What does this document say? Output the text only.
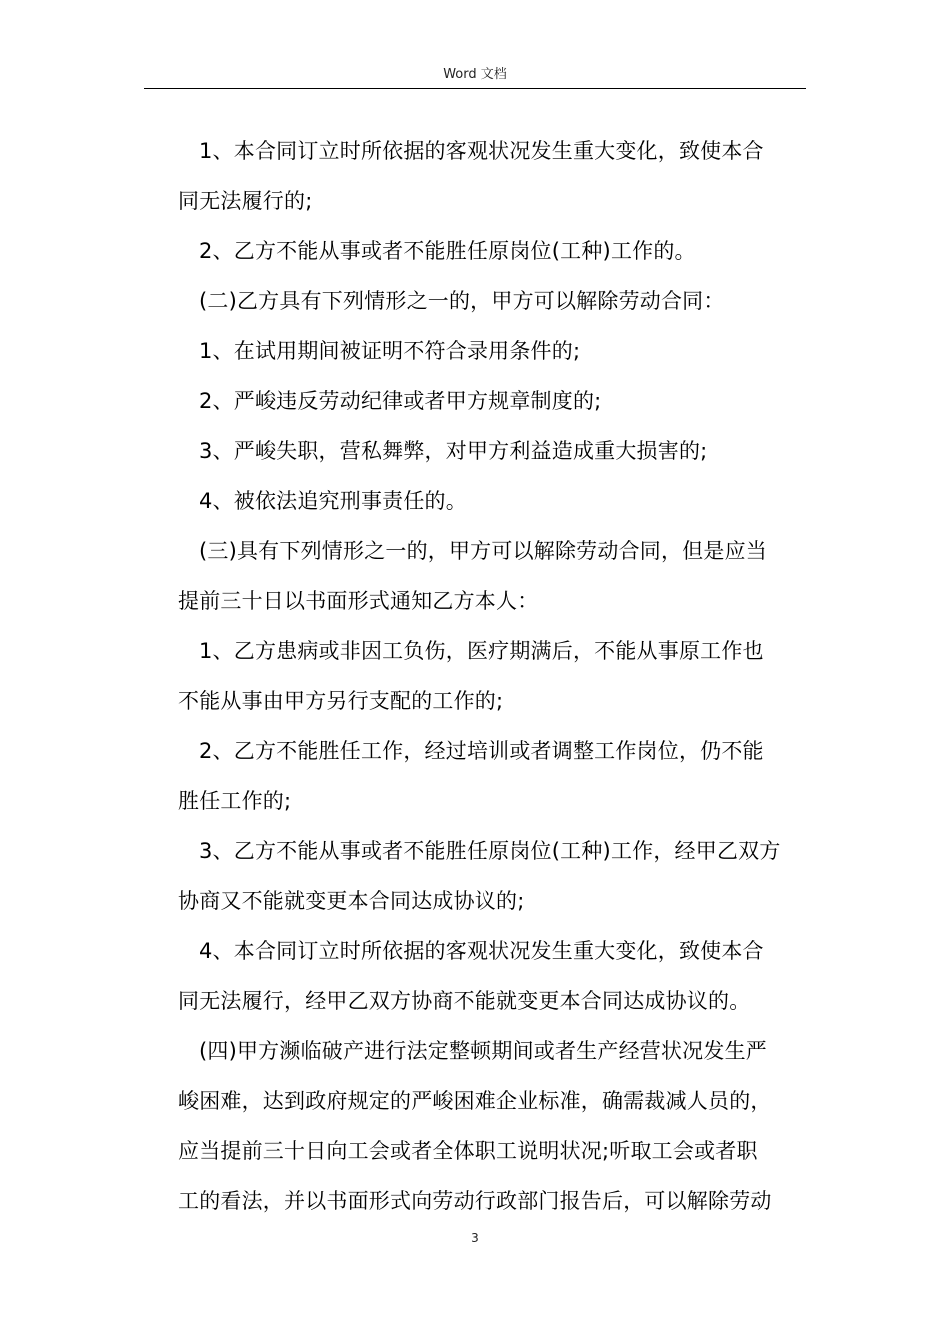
Word 文档

1、本合同订立时所依据的客观状况发生重大变化，致使本合

同无法履行的;

2、乙方不能从事或者不能胜任原岗位(工种)工作的。

(二)乙方具有下列情形之一的，甲方可以解除劳动合同：

1、在试用期间被证明不符合录用条件的;

2、严峻违反劳动纪律或者甲方规章制度的;

3、严峻失职，营私舞弊，对甲方利益造成重大损害的;

4、被依法追究刑事责任的。

(三)具有下列情形之一的，甲方可以解除劳动合同，但是应当

提前三十日以书面形式通知乙方本人：

1、乙方患病或非因工负伤，医疗期满后，不能从事原工作也

不能从事由甲方另行支配的工作的;

2、乙方不能胜任工作，经过培训或者调整工作岗位，仍不能

胜任工作的;

3、乙方不能从事或者不能胜任原岗位(工种)工作，经甲乙双方

协商又不能就变更本合同达成协议的;

4、本合同订立时所依据的客观状况发生重大变化，致使本合

同无法履行，经甲乙双方协商不能就变更本合同达成协议的。

(四)甲方濒临破产进行法定整顿期间或者生产经营状况发生严

峻困难，达到政府规定的严峻困难企业标准，确需裁减人员的，

应当提前三十日向工会或者全体职工说明状况;听取工会或者职

工的看法，并以书面形式向劳动行政部门报告后，可以解除劳动

3
